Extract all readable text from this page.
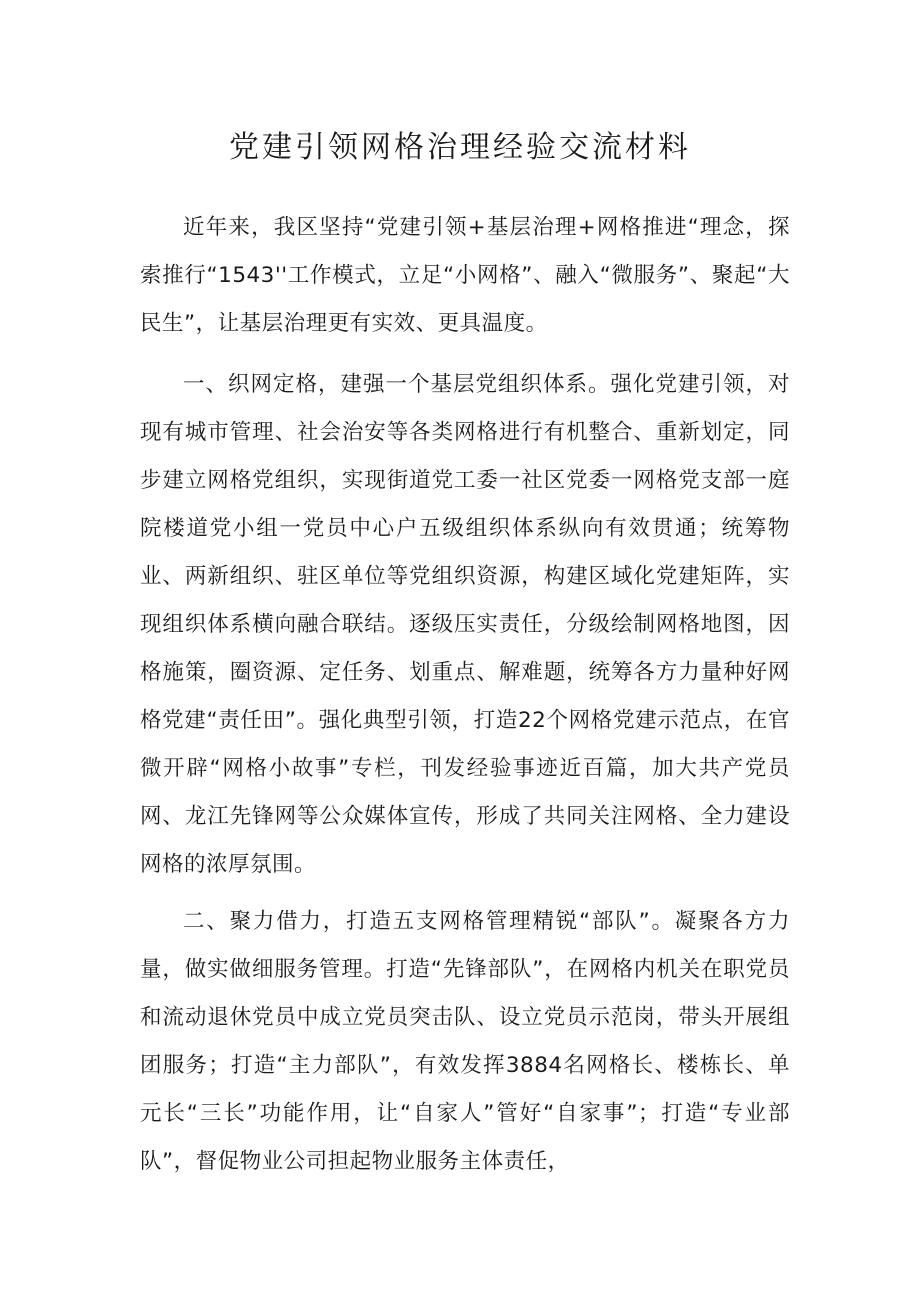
党建引领网格治理经验交流材料

近年来，我区坚持“党建引领+基层治理+网格推进“理念，探索推行“1543''工作模式，立足“小网格”、融入“微服务”、聚起“大民生”，让基层治理更有实效、更具温度。

一、织网定格，建强一个基层党组织体系。强化党建引领，对现有城市管理、社会治安等各类网格进行有机整合、重新划定，同步建立网格党组织，实现街道党工委一社区党委一网格党支部一庭院楼道党小组一党员中心户五级组织体系纵向有效贯通；统筹物业、两新组织、驻区单位等党组织资源，构建区域化党建矩阵，实现组织体系横向融合联结。逐级压实责任，分级绘制网格地图，因格施策，圈资源、定任务、划重点、解难题，统筹各方力量种好网格党建“责任田”。强化典型引领，打造22个网格党建示范点，在官微开辟“网格小故事”专栏，刊发经验事迹近百篇，加大共产党员网、龙江先锋网等公众媒体宣传，形成了共同关注网格、全力建设网格的浓厚氛围。

二、聚力借力，打造五支网格管理精锐“部队”。凝聚各方力量，做实做细服务管理。打造“先锋部队”，在网格内机关在职党员和流动退休党员中成立党员突击队、设立党员示范岗，带头开展组团服务；打造“主力部队”，有效发挥3884名网格长、楼栋长、单元长“三长”功能作用，让“自家人”管好“自家事”；打造“专业部队”，督促物业公司担起物业服务主体责任，
